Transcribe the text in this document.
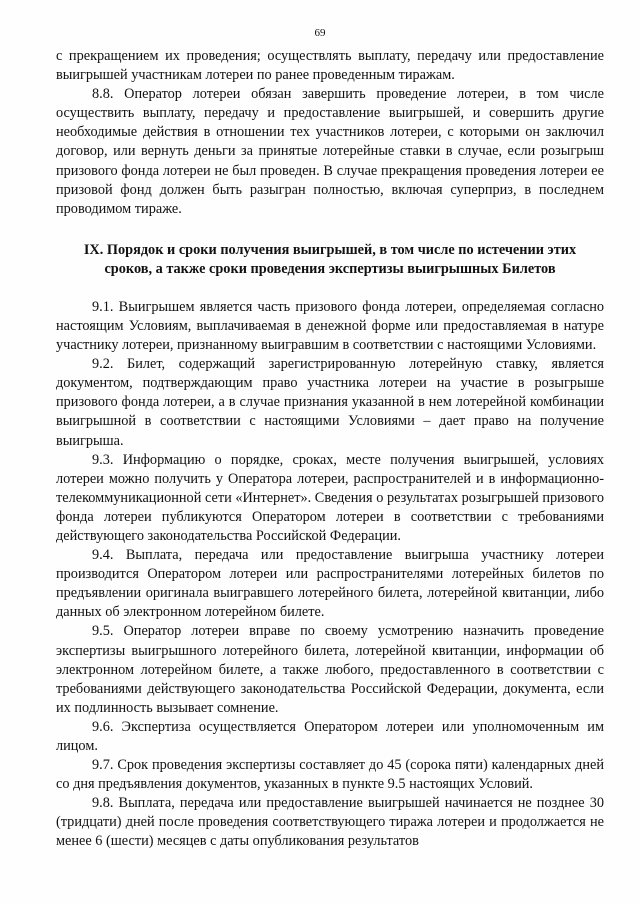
69

с прекращением их проведения; осуществлять выплату, передачу или предоставление выигрышей участникам лотереи по ранее проведенным тиражам.

8.8. Оператор лотереи обязан завершить проведение лотереи, в том числе осуществить выплату, передачу и предоставление выигрышей, и совершить другие необходимые действия в отношении тех участников лотереи, с которыми он заключил договор, или вернуть деньги за принятые лотерейные ставки в случае, если розыгрыш призового фонда лотереи не был проведен. В случае прекращения проведения лотереи ее призовой фонд должен быть разыгран полностью, включая суперприз, в последнем проводимом тираже.

IX. Порядок и сроки получения выигрышей, в том числе по истечении этих сроков, а также сроки проведения экспертизы выигрышных Билетов

9.1. Выигрышем является часть призового фонда лотереи, определяемая согласно настоящим Условиям, выплачиваемая в денежной форме или предоставляемая в натуре участнику лотереи, признанному выигравшим в соответствии с настоящими Условиями.

9.2. Билет, содержащий зарегистрированную лотерейную ставку, является документом, подтверждающим право участника лотереи на участие в розыгрыше призового фонда лотереи, а в случае признания указанной в нем лотерейной комбинации выигрышной в соответствии с настоящими Условиями – дает право на получение выигрыша.

9.3. Информацию о порядке, сроках, месте получения выигрышей, условиях лотереи можно получить у Оператора лотереи, распространителей и в информационно-телекоммуникационной сети «Интернет». Сведения о результатах розыгрышей призового фонда лотереи публикуются Оператором лотереи в соответствии с требованиями действующего законодательства Российской Федерации.

9.4. Выплата, передача или предоставление выигрыша участнику лотереи производится Оператором лотереи или распространителями лотерейных билетов по предъявлении оригинала выигравшего лотерейного билета, лотерейной квитанции, либо данных об электронном лотерейном билете.

9.5. Оператор лотереи вправе по своему усмотрению назначить проведение экспертизы выигрышного лотерейного билета, лотерейной квитанции, информации об электронном лотерейном билете, а также любого, предоставленного в соответствии с требованиями действующего законодательства Российской Федерации, документа, если их подлинность вызывает сомнение.

9.6. Экспертиза осуществляется Оператором лотереи или уполномоченным им лицом.

9.7. Срок проведения экспертизы составляет до 45 (сорока пяти) календарных дней со дня предъявления документов, указанных в пункте 9.5 настоящих Условий.

9.8. Выплата, передача или предоставление выигрышей начинается не позднее 30 (тридцати) дней после проведения соответствующего тиража лотереи и продолжается не менее 6 (шести) месяцев с даты опубликования результатов
